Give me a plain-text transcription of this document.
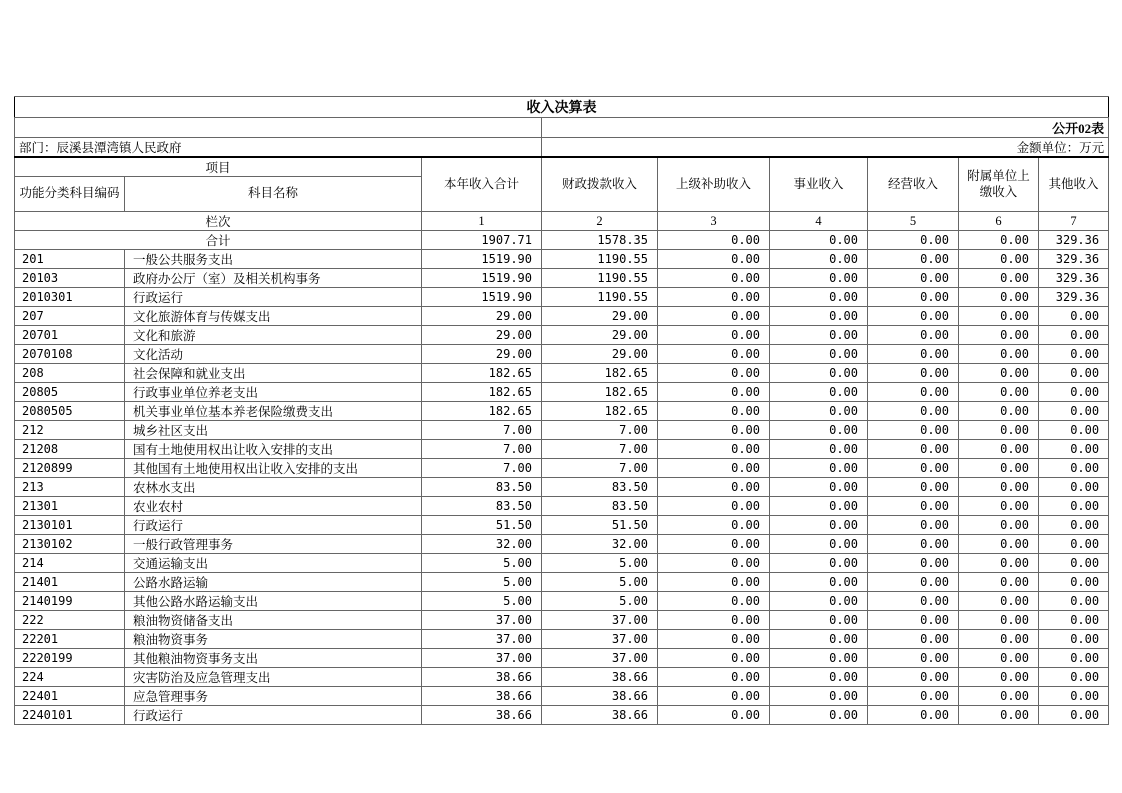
收入决算表								
			公开02表					
部门：辰溪县潭湾镇人民政府			金额单位：万元					
项目		本年收入合计	财政拨款收入	上级补助收入	事业收入	经营收入	附属单位上缴收入	其他收入
功能分类科目编码	科目名称							
栏次		1	2	3	4	5	6	7
合计		1907.71	1578.35	0.00	0.00	0.00	0.00	329.36
201	一般公共服务支出	1519.90	1190.55	0.00	0.00	0.00	0.00	329.36
20103	政府办公厅（室）及相关机构事务	1519.90	1190.55	0.00	0.00	0.00	0.00	329.36
2010301	行政运行	1519.90	1190.55	0.00	0.00	0.00	0.00	329.36
207	文化旅游体育与传媒支出	29.00	29.00	0.00	0.00	0.00	0.00	0.00
20701	文化和旅游	29.00	29.00	0.00	0.00	0.00	0.00	0.00
2070108	文化活动	29.00	29.00	0.00	0.00	0.00	0.00	0.00
208	社会保障和就业支出	182.65	182.65	0.00	0.00	0.00	0.00	0.00
20805	行政事业单位养老支出	182.65	182.65	0.00	0.00	0.00	0.00	0.00
2080505	机关事业单位基本养老保险缴费支出	182.65	182.65	0.00	0.00	0.00	0.00	0.00
212	城乡社区支出	7.00	7.00	0.00	0.00	0.00	0.00	0.00
21208	国有土地使用权出让收入安排的支出	7.00	7.00	0.00	0.00	0.00	0.00	0.00
2120899	其他国有土地使用权出让收入安排的支出	7.00	7.00	0.00	0.00	0.00	0.00	0.00
213	农林水支出	83.50	83.50	0.00	0.00	0.00	0.00	0.00
21301	农业农村	83.50	83.50	0.00	0.00	0.00	0.00	0.00
2130101	行政运行	51.50	51.50	0.00	0.00	0.00	0.00	0.00
2130102	一般行政管理事务	32.00	32.00	0.00	0.00	0.00	0.00	0.00
214	交通运输支出	5.00	5.00	0.00	0.00	0.00	0.00	0.00
21401	公路水路运输	5.00	5.00	0.00	0.00	0.00	0.00	0.00
2140199	其他公路水路运输支出	5.00	5.00	0.00	0.00	0.00	0.00	0.00
222	粮油物资储备支出	37.00	37.00	0.00	0.00	0.00	0.00	0.00
22201	粮油物资事务	37.00	37.00	0.00	0.00	0.00	0.00	0.00
2220199	其他粮油物资事务支出	37.00	37.00	0.00	0.00	0.00	0.00	0.00
224	灾害防治及应急管理支出	38.66	38.66	0.00	0.00	0.00	0.00	0.00
22401	应急管理事务	38.66	38.66	0.00	0.00	0.00	0.00	0.00
2240101	行政运行	38.66	38.66	0.00	0.00	0.00	0.00	0.00
